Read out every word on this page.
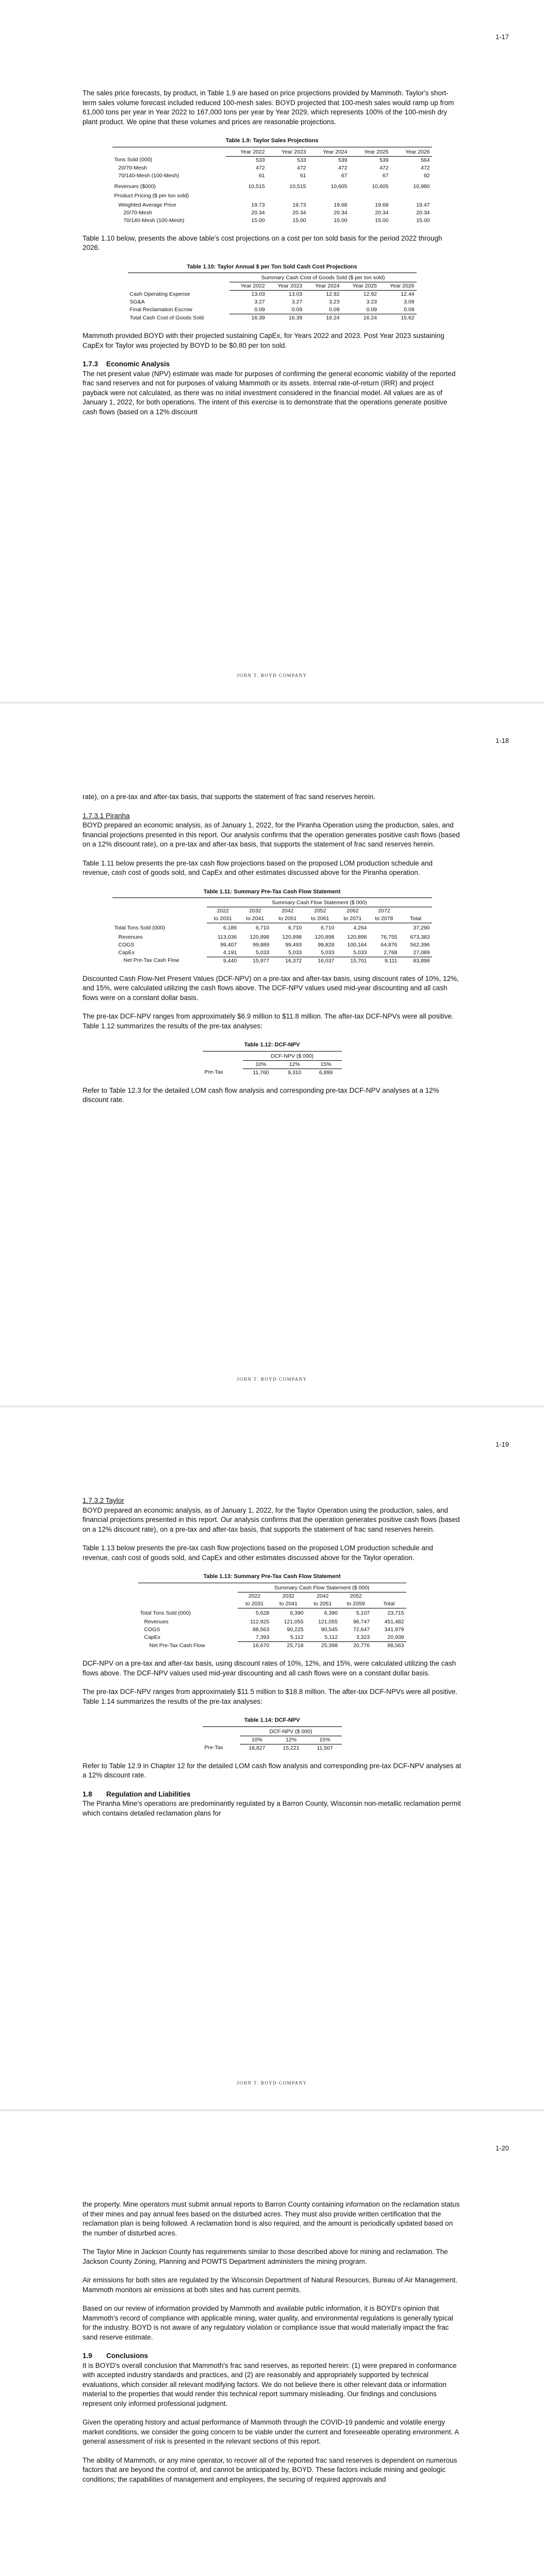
1-17

The sales price forecasts, by product, in Table 1.9 are based on price projections provided by Mammoth. Taylor's short-term sales volume forecast included reduced 100-mesh sales. BOYD projected that 100-mesh sales would ramp up from 61,000 tons per year in Year 2022 to 167,000 tons per year by Year 2029, which represents 100% of the 100-mesh dry plant product. We opine that these volumes and prices are reasonable projections.

Table 1.9: Taylor Sales Projections
	Year 2022	Year 2023	Year 2024	Year 2025	Year 2026
Tons Sold (000)	533	533	539	539	564
20/70-Mesh	472	472	472	472	472
70/140-Mesh (100-Mesh)	61	61	67	67	92
Revenues ($000)	10,515	10,515	10,605	10,605	10,980
Product Pricing ($ per ton sold)					
Weighted Average Price	19.73	19.73	19.68	19.68	19.47
20/70-Mesh	20.34	20.34	20.34	20.34	20.34
70/140-Mesh (100-Mesh)	15.00	15.00	15.00	15.00	15.00

Table 1.10 below, presents the above table's cost projections on a cost per ton sold basis for the period 2022 through 2026.

Table 1.10: Taylor Annual $ per Ton Sold Cash Cost Projections
	Summary Cash Cost of Goods Sold ($ per ton sold)				
	Year 2022	Year 2023	Year 2024	Year 2025	Year 2026
Cash Operating Expense	13.03	13.03	12.92	12.92	12.44
SG&A	3.27	3.27	3.23	3.23	3.09
Final Reclamation Escrow	0.09	0.09	0.09	0.09	0.09
Total Cash Cost of Goods Sold	16.39	16.39	16.24	16.24	15.62

Mammoth provided BOYD with their projected sustaining CapEx, for Years 2022 and 2023. Post Year 2023 sustaining CapEx for Taylor was projected by BOYD to be $0.80 per ton sold.

1.7.3 Economic Analysis

The net present value (NPV) estimate was made for purposes of confirming the general economic viability of the reported frac sand reserves and not for purposes of valuing Mammoth or its assets. Internal rate-of-return (IRR) and project payback were not calculated, as there was no initial investment considered in the financial model. All values are as of January 1, 2022, for both operations. The intent of this exercise is to demonstrate that the operations generate positive cash flows (based on a 12% discount

JOHN T. BOYD COMPANY
1-18

rate), on a pre-tax and after-tax basis, that supports the statement of frac sand reserves herein.

1.7.3.1 Piranha

BOYD prepared an economic analysis, as of January 1, 2022, for the Piranha Operation using the production, sales, and financial projections presented in this report. Our analysis confirms that the operation generates positive cash flows (based on a 12% discount rate), on a pre-tax and after-tax basis, that supports the statement of frac sand reserves herein.

Table 1.11 below presents the pre-tax cash flow projections based on the proposed LOM production schedule and revenue, cash cost of goods sold, and CapEx and other estimates discussed above for the Piranha operation.

Table 1.11: Summary Pre-Tax Cash Flow Statement
	Summary Cash Flow Statement ($ 000)						
	2022	2032	2042	2052	2062	2072	
	to 2031	to 2041	to 2051	to 2061	to 2071	to 2078	Total
Total Tons Sold (000)	6,186	6,710	6,710	6,710	4,264		37,290
Revenues	113,036	120,898	120,898	120,898	120,898	76,755	673,383
COGS	99,407	99,889	99,493	99,828	100,164	64,876	562,396
CapEx	4,191	5,033	5,033	5,033	5,033	2,768	27,089
Net Pre-Tax Cash Flow	9,440	15,977	16,372	16,037	15,701	9,111	83,898

Discounted Cash Flow-Net Present Values (DCF-NPV) on a pre-tax and after-tax basis, using discount rates of 10%, 12%, and 15%, were calculated utilizing the cash flows above. The DCF-NPV values used mid-year discounting and all cash flows were on a constant dollar basis.

The pre-tax DCF-NPV ranges from approximately $6.9 million to $11.8 million. The after-tax DCF-NPVs were all positive. Table 1.12 summarizes the results of the pre-tax analyses:

Table 1.12: DCF-NPV
	DCF-NPV ($ 000)		
	10%	12%	15%
Pre-Tax	11,760	9,310	6,899

Refer to Table 12.3 for the detailed LOM cash flow analysis and corresponding pre-tax DCF-NPV analyses at a 12% discount rate.

JOHN T. BOYD COMPANY
1-19
1.7.3.2 Taylor

BOYD prepared an economic analysis, as of January 1, 2022, for the Taylor Operation using the production, sales, and financial projections presented in this report. Our analysis confirms that the operation generates positive cash flows (based on a 12% discount rate), on a pre-tax and after-tax basis, that supports the statement of frac sand reserves herein.

Table 1.13 below presents the pre-tax cash flow projections based on the proposed LOM production schedule and revenue, cash cost of goods sold, and CapEx and other estimates discussed above for the Taylor operation.

Table 1.13: Summary Pre-Tax Cash Flow Statement
	Summary Cash Flow Statement ($ 000)				
	2022	2032	2042	2052	
	to 2031	to 2041	to 2051	to 2059	Total
Total Tons Sold (000)	5,628	6,390	6,390	5,107	23,715
Revenues	112,925	121,055	121,055	96,747	451,482
COGS	88,563	90,225	90,545	72,647	341,979
CapEx	7,393	5,112	5,112	3,323	20,939
Net Pre-Tax Cash Flow	16,670	25,718	25,398	20,776	88,563

DCF-NPV on a pre-tax and after-tax basis, using discount rates of 10%, 12%, and 15%, were calculated utilizing the cash flows above. The DCF-NPV values used mid-year discounting and all cash flows were on a constant dollar basis.

The pre-tax DCF-NPV ranges from approximately $11.5 million to $18.8 million. The after-tax DCF-NPVs were all positive. Table 1.14 summarizes the results of the pre-tax analyses:

Table 1.14: DCF-NPV
	DCF-NPV ($ 000)		
	10%	12%	15%
Pre-Tax	18,827	15,221	11,507

Refer to Table 12.9 in Chapter 12 for the detailed LOM cash flow analysis and corresponding pre-tax DCF-NPV analyses at a 12% discount rate.

1.8 Regulation and Liabilities

The Piranha Mine's operations are predominantly regulated by a Barron County, Wisconsin non-metallic reclamation permit which contains detailed reclamation plans for

JOHN T. BOYD COMPANY
1-20

the property. Mine operators must submit annual reports to Barron County containing information on the reclamation status of their mines and pay annual fees based on the disturbed acres. They must also provide written certification that the reclamation plan is being followed. A reclamation bond is also required, and the amount is periodically updated based on the number of disturbed acres.

The Taylor Mine in Jackson County has requirements similar to those described above for mining and reclamation. The Jackson County Zoning, Planning and POWTS Department administers the mining program.

Air emissions for both sites are regulated by the Wisconsin Department of Natural Resources, Bureau of Air Management. Mammoth monitors air emissions at both sites and has current permits.

Based on our review of information provided by Mammoth and available public information, it is BOYD's opinion that Mammoth's record of compliance with applicable mining, water quality, and environmental regulations is generally typical for the industry. BOYD is not aware of any regulatory violation or compliance issue that would materially impact the frac sand reserve estimate.

1.9 Conclusions

It is BOYD's overall conclusion that Mammoth's frac sand reserves, as reported herein: (1) were prepared in conformance with accepted industry standards and practices, and (2) are reasonably and appropriately supported by technical evaluations, which consider all relevant modifying factors. We do not believe there is other relevant data or information material to the properties that would render this technical report summary misleading. Our findings and conclusions represent only informed professional judgment.

Given the operating history and actual performance of Mammoth through the COVID-19 pandemic and volatile energy market conditions, we consider the going concern to be viable under the current and foreseeable operating environment. A general assessment of risk is presented in the relevant sections of this report.

The ability of Mammoth, or any mine operator, to recover all of the reported frac sand reserves is dependent on numerous factors that are beyond the control of, and cannot be anticipated by, BOYD. These factors include mining and geologic conditions; the capabilities of management and employees, the securing of required approvals and
